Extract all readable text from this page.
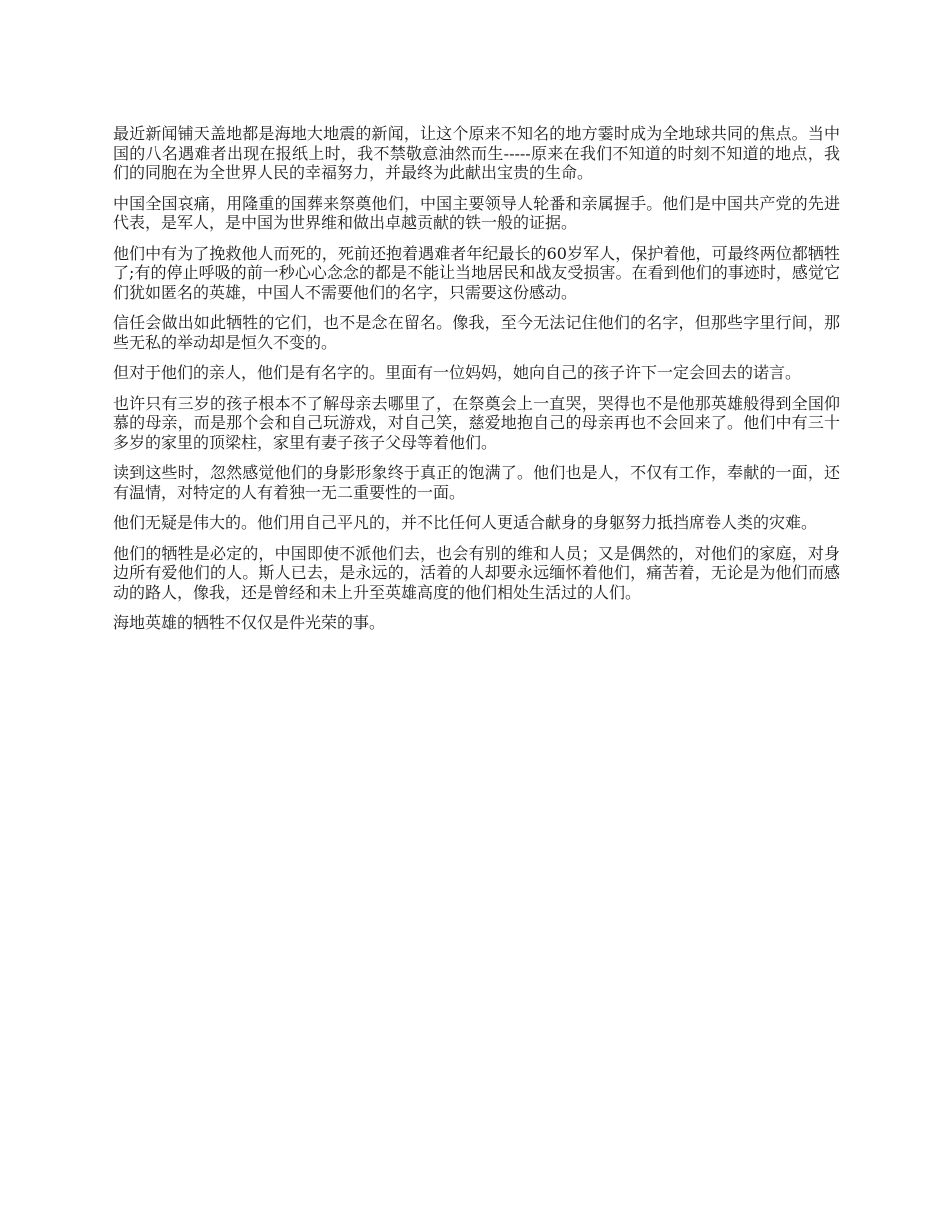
最近新闻铺天盖地都是海地大地震的新闻，让这个原来不知名的地方霎时成为全地球共同的焦点。当中国的八名遇难者出现在报纸上时，我不禁敬意油然而生-----原来在我们不知道的时刻不知道的地点，我们的同胞在为全世界人民的幸福努力，并最终为此献出宝贵的生命。

中国全国哀痛，用隆重的国葬来祭奠他们，中国主要领导人轮番和亲属握手。他们是中国共产党的先进代表，是军人，是中国为世界维和做出卓越贡献的铁一般的证据。

他们中有为了挽救他人而死的，死前还抱着遇难者年纪最长的60岁军人，保护着他，可最终两位都牺牲了;有的停止呼吸的前一秒心心念念的都是不能让当地居民和战友受损害。在看到他们的事迹时，感觉它们犹如匿名的英雄，中国人不需要他们的名字，只需要这份感动。

信任会做出如此牺牲的它们，也不是念在留名。像我，至今无法记住他们的名字，但那些字里行间，那些无私的举动却是恒久不变的。

但对于他们的亲人，他们是有名字的。里面有一位妈妈，她向自己的孩子许下一定会回去的诺言。

也许只有三岁的孩子根本不了解母亲去哪里了，在祭奠会上一直哭，哭得也不是他那英雄般得到全国仰慕的母亲，而是那个会和自己玩游戏，对自己笑，慈爱地抱自己的母亲再也不会回来了。他们中有三十多岁的家里的顶梁柱，家里有妻子孩子父母等着他们。

读到这些时，忽然感觉他们的身影形象终于真正的饱满了。他们也是人，不仅有工作，奉献的一面，还有温情，对特定的人有着独一无二重要性的一面。

他们无疑是伟大的。他们用自己平凡的，并不比任何人更适合献身的身躯努力抵挡席卷人类的灾难。

他们的牺牲是必定的，中国即使不派他们去，也会有别的维和人员；又是偶然的，对他们的家庭，对身边所有爱他们的人。斯人已去，是永远的，活着的人却要永远缅怀着他们，痛苦着，无论是为他们而感动的路人，像我，还是曾经和未上升至英雄高度的他们相处生活过的人们。

海地英雄的牺牲不仅仅是件光荣的事。
